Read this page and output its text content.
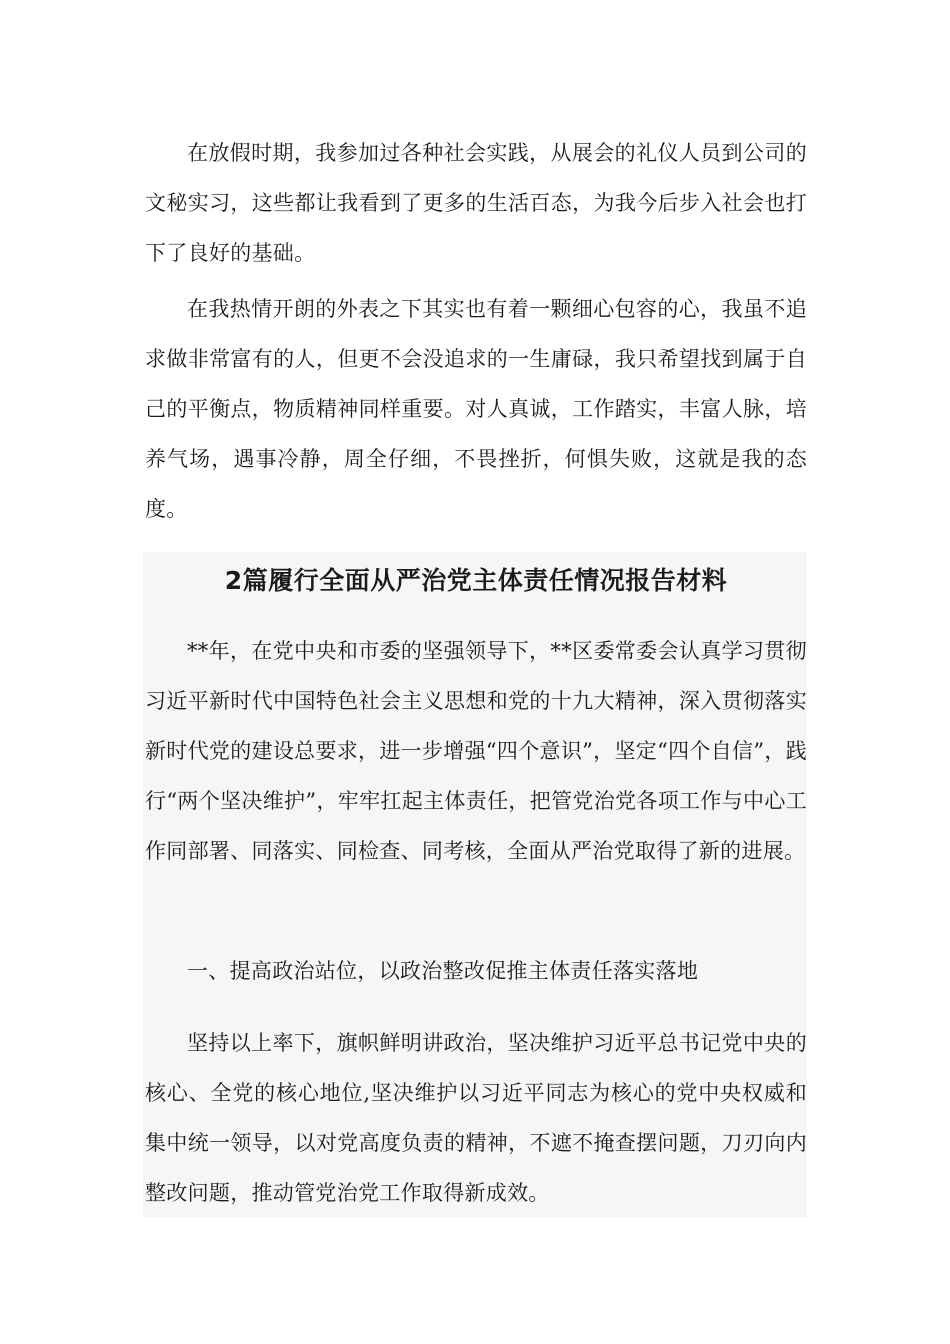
在放假时期，我参加过各种社会实践，从展会的礼仪人员到公司的文秘实习，这些都让我看到了更多的生活百态，为我今后步入社会也打下了良好的基础。

在我热情开朗的外表之下其实也有着一颗细心包容的心，我虽不追求做非常富有的人，但更不会没追求的一生庸碌，我只希望找到属于自己的平衡点，物质精神同样重要。对人真诚，工作踏实，丰富人脉，培养气场，遇事冷静，周全仔细，不畏挫折，何惧失败，这就是我的态度。

2篇履行全面从严治党主体责任情况报告材料

**年，在党中央和市委的坚强领导下，**区委常委会认真学习贯彻习近平新时代中国特色社会主义思想和党的十九大精神，深入贯彻落实新时代党的建设总要求，进一步增强“四个意识”，坚定“四个自信”，践行“两个坚决维护”，牢牢扛起主体责任，把管党治党各项工作与中心工作同部署、同落实、同检查、同考核，全面从严治党取得了新的进展。

一、提高政治站位，以政治整改促推主体责任落实落地

坚持以上率下，旗帜鲜明讲政治，坚决维护习近平总书记党中央的核心、全党的核心地位,坚决维护以习近平同志为核心的党中央权威和集中统一领导，以对党高度负责的精神，不遮不掩查摆问题，刀刃向内整改问题，推动管党治党工作取得新成效。
